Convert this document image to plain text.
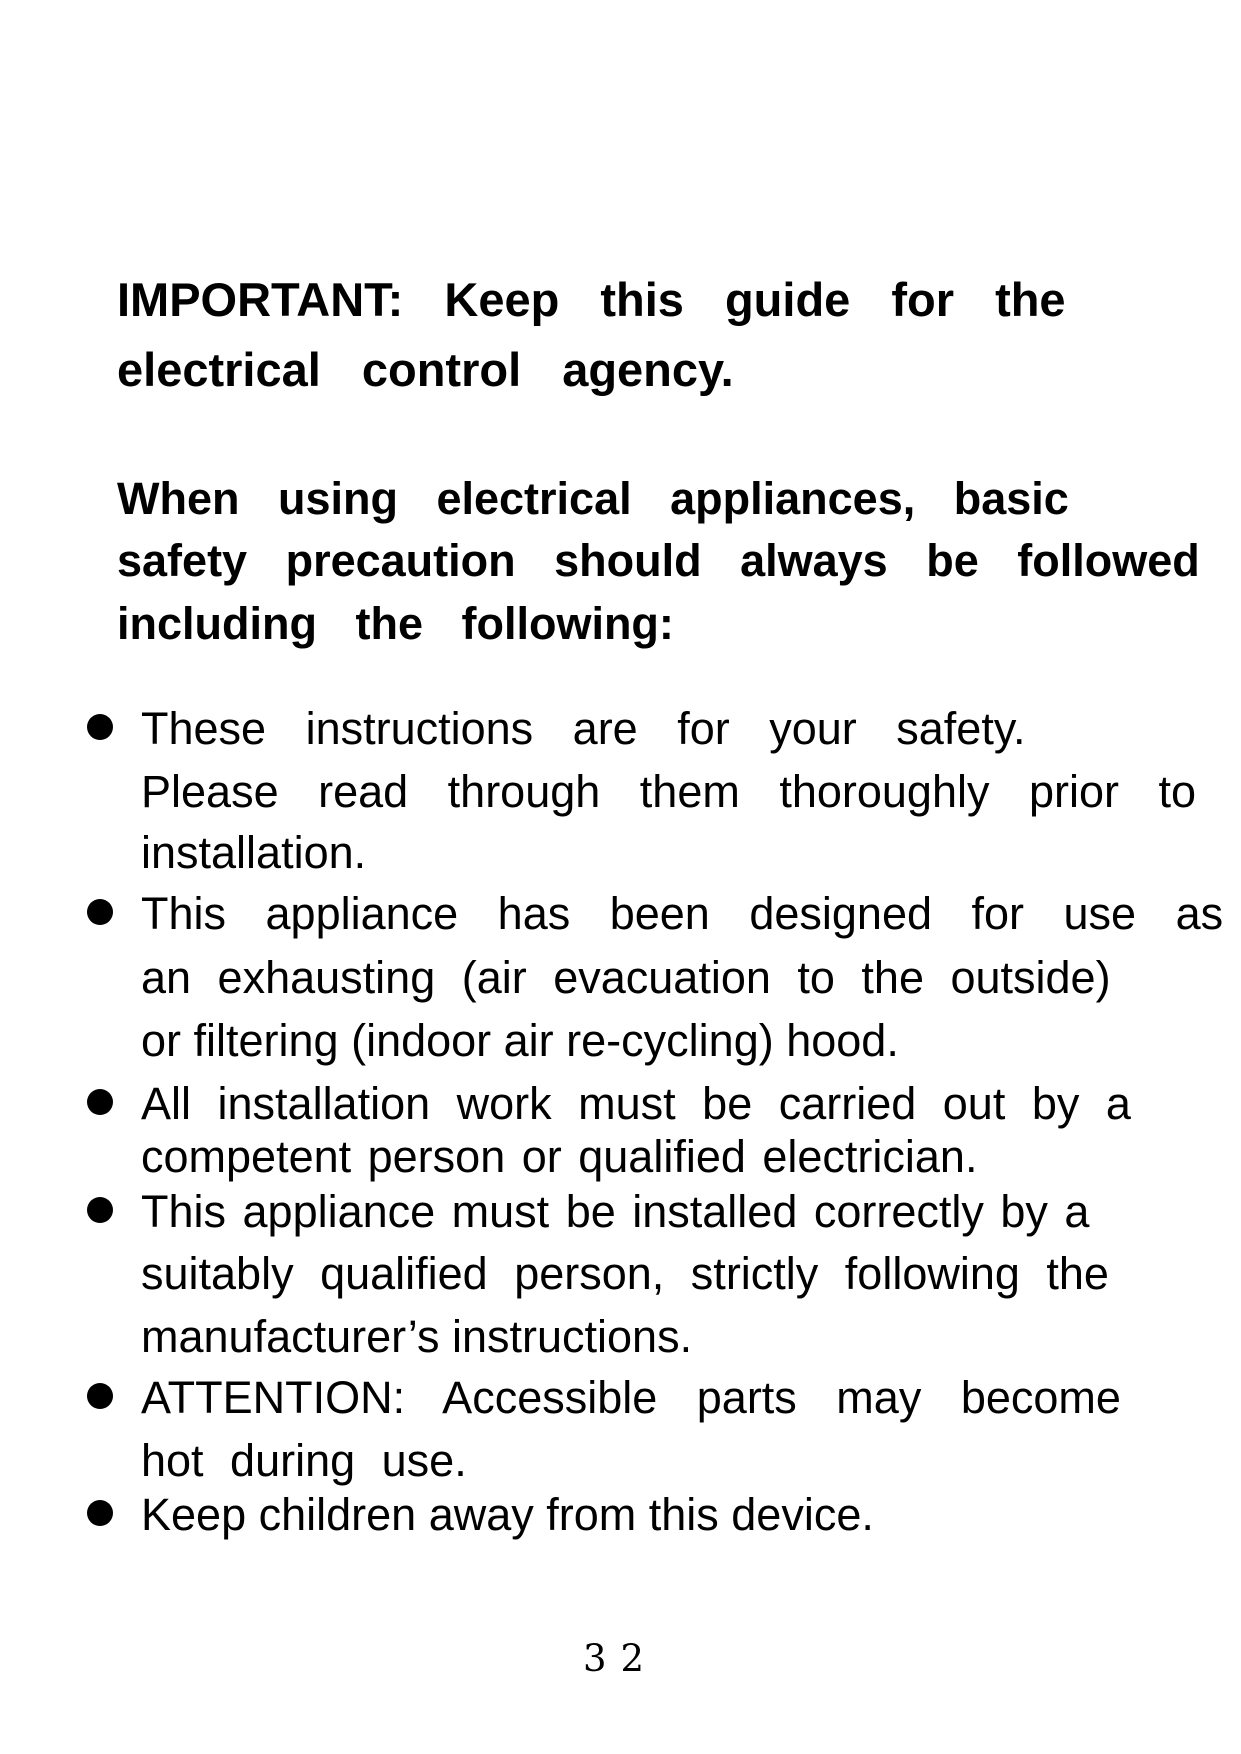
IMPORTANT: Keep this guide for the
electrical control agency.
When using electrical appliances, basic
safety precaution should always be followed
including the following:
These instructions are for your safety.
Please read through them thoroughly prior to
installation.
This appliance has been designed for use as
an exhausting (air evacuation to the outside)
or filtering (indoor air re-cycling) hood.
All installation work must be carried out by a
competent person or qualified electrician.
This appliance must be installed correctly by a
suitably qualified person, strictly following the
manufacturer’s instructions.
ATTENTION: Accessible parts may become
hot during use.
Keep children away from this device.
32
